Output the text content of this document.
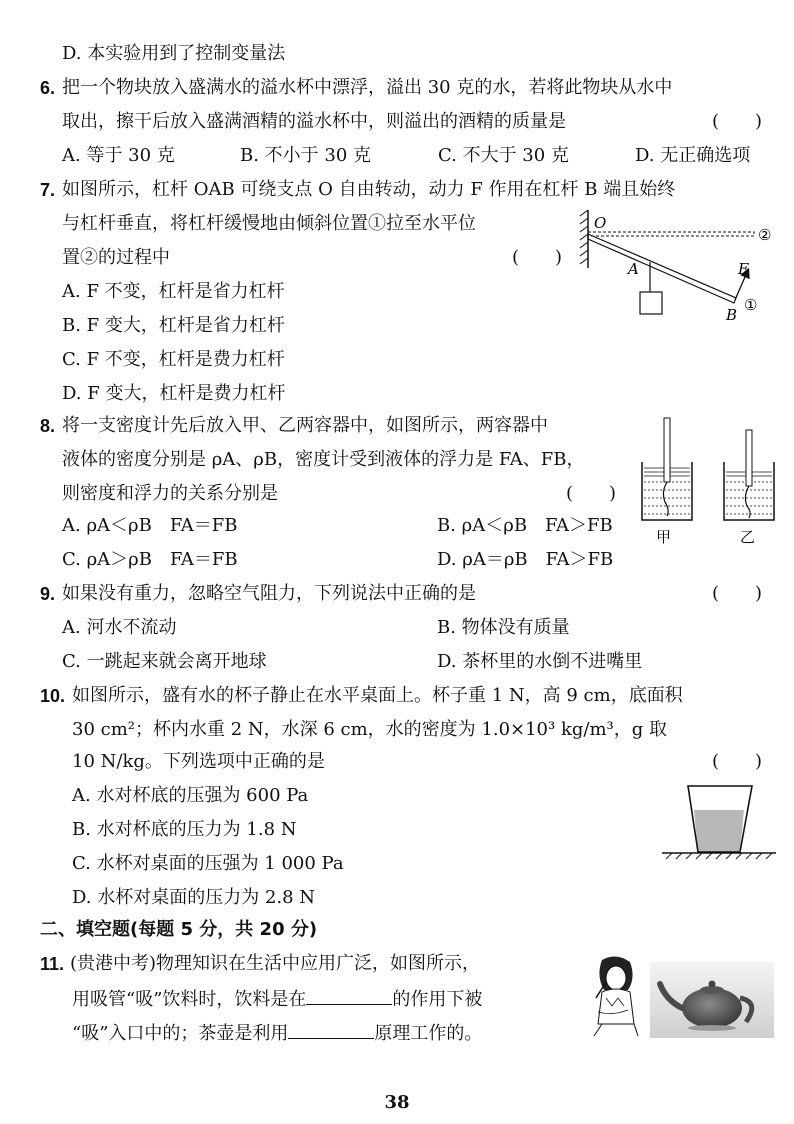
D. 本实验用到了控制变量法
6. 把一个物块放入盛满水的溢水杯中漂浮，溢出 30 克的水，若将此物块从水中
取出，擦干后放入盛满酒精的溢水杯中，则溢出的酒精的质量是	(　　)
A. 等于 30 克	B. 不小于 30 克	C. 不大于 30 克	D. 无正确选项
7. 如图所示，杠杆 OAB 可绕支点 O 自由转动，动力 F 作用在杠杆 B 端且始终
与杠杆垂直，将杠杆缓慢地由倾斜位置①拉至水平位
置②的过程中	(　　)
A. F 不变，杠杆是省力杠杆
B. F 变大，杠杆是省力杠杆
C. F 不变，杠杆是费力杠杆
D. F 变大，杠杆是费力杠杆
O
②
A
B
①
F
8. 将一支密度计先后放入甲、乙两容器中，如图所示，两容器中
液体的密度分别是 ρA、ρB，密度计受到液体的浮力是 FA、FB，
则密度和浮力的关系分别是	(　　)
A. ρA＜ρB　FA＝FB	B. ρA＜ρB　FA＞FB
C. ρA＞ρB　FA＝FB	D. ρA＝ρB　FA＞FB
甲	乙
9. 如果没有重力，忽略空气阻力，下列说法中正确的是	(　　)
A. 河水不流动	B. 物体没有质量
C. 一跳起来就会离开地球	D. 茶杯里的水倒不进嘴里
10. 如图所示，盛有水的杯子静止在水平桌面上。杯子重 1 N，高 9 cm，底面积
30 cm²；杯内水重 2 N，水深 6 cm，水的密度为 1.0×10³ kg/m³，g 取
10 N/kg。下列选项中正确的是	(　　)
A. 水对杯底的压强为 600 Pa
B. 水对杯底的压力为 1.8 N
C. 水杯对桌面的压强为 1 000 Pa
D. 水杯对桌面的压力为 2.8 N
二、填空题(每题 5 分，共 20 分)
11. (贵港中考)物理知识在生活中应用广泛，如图所示，
用吸管“吸”饮料时，饮料是在	的作用下被
“吸”入口中的；茶壶是利用	原理工作的。
38
